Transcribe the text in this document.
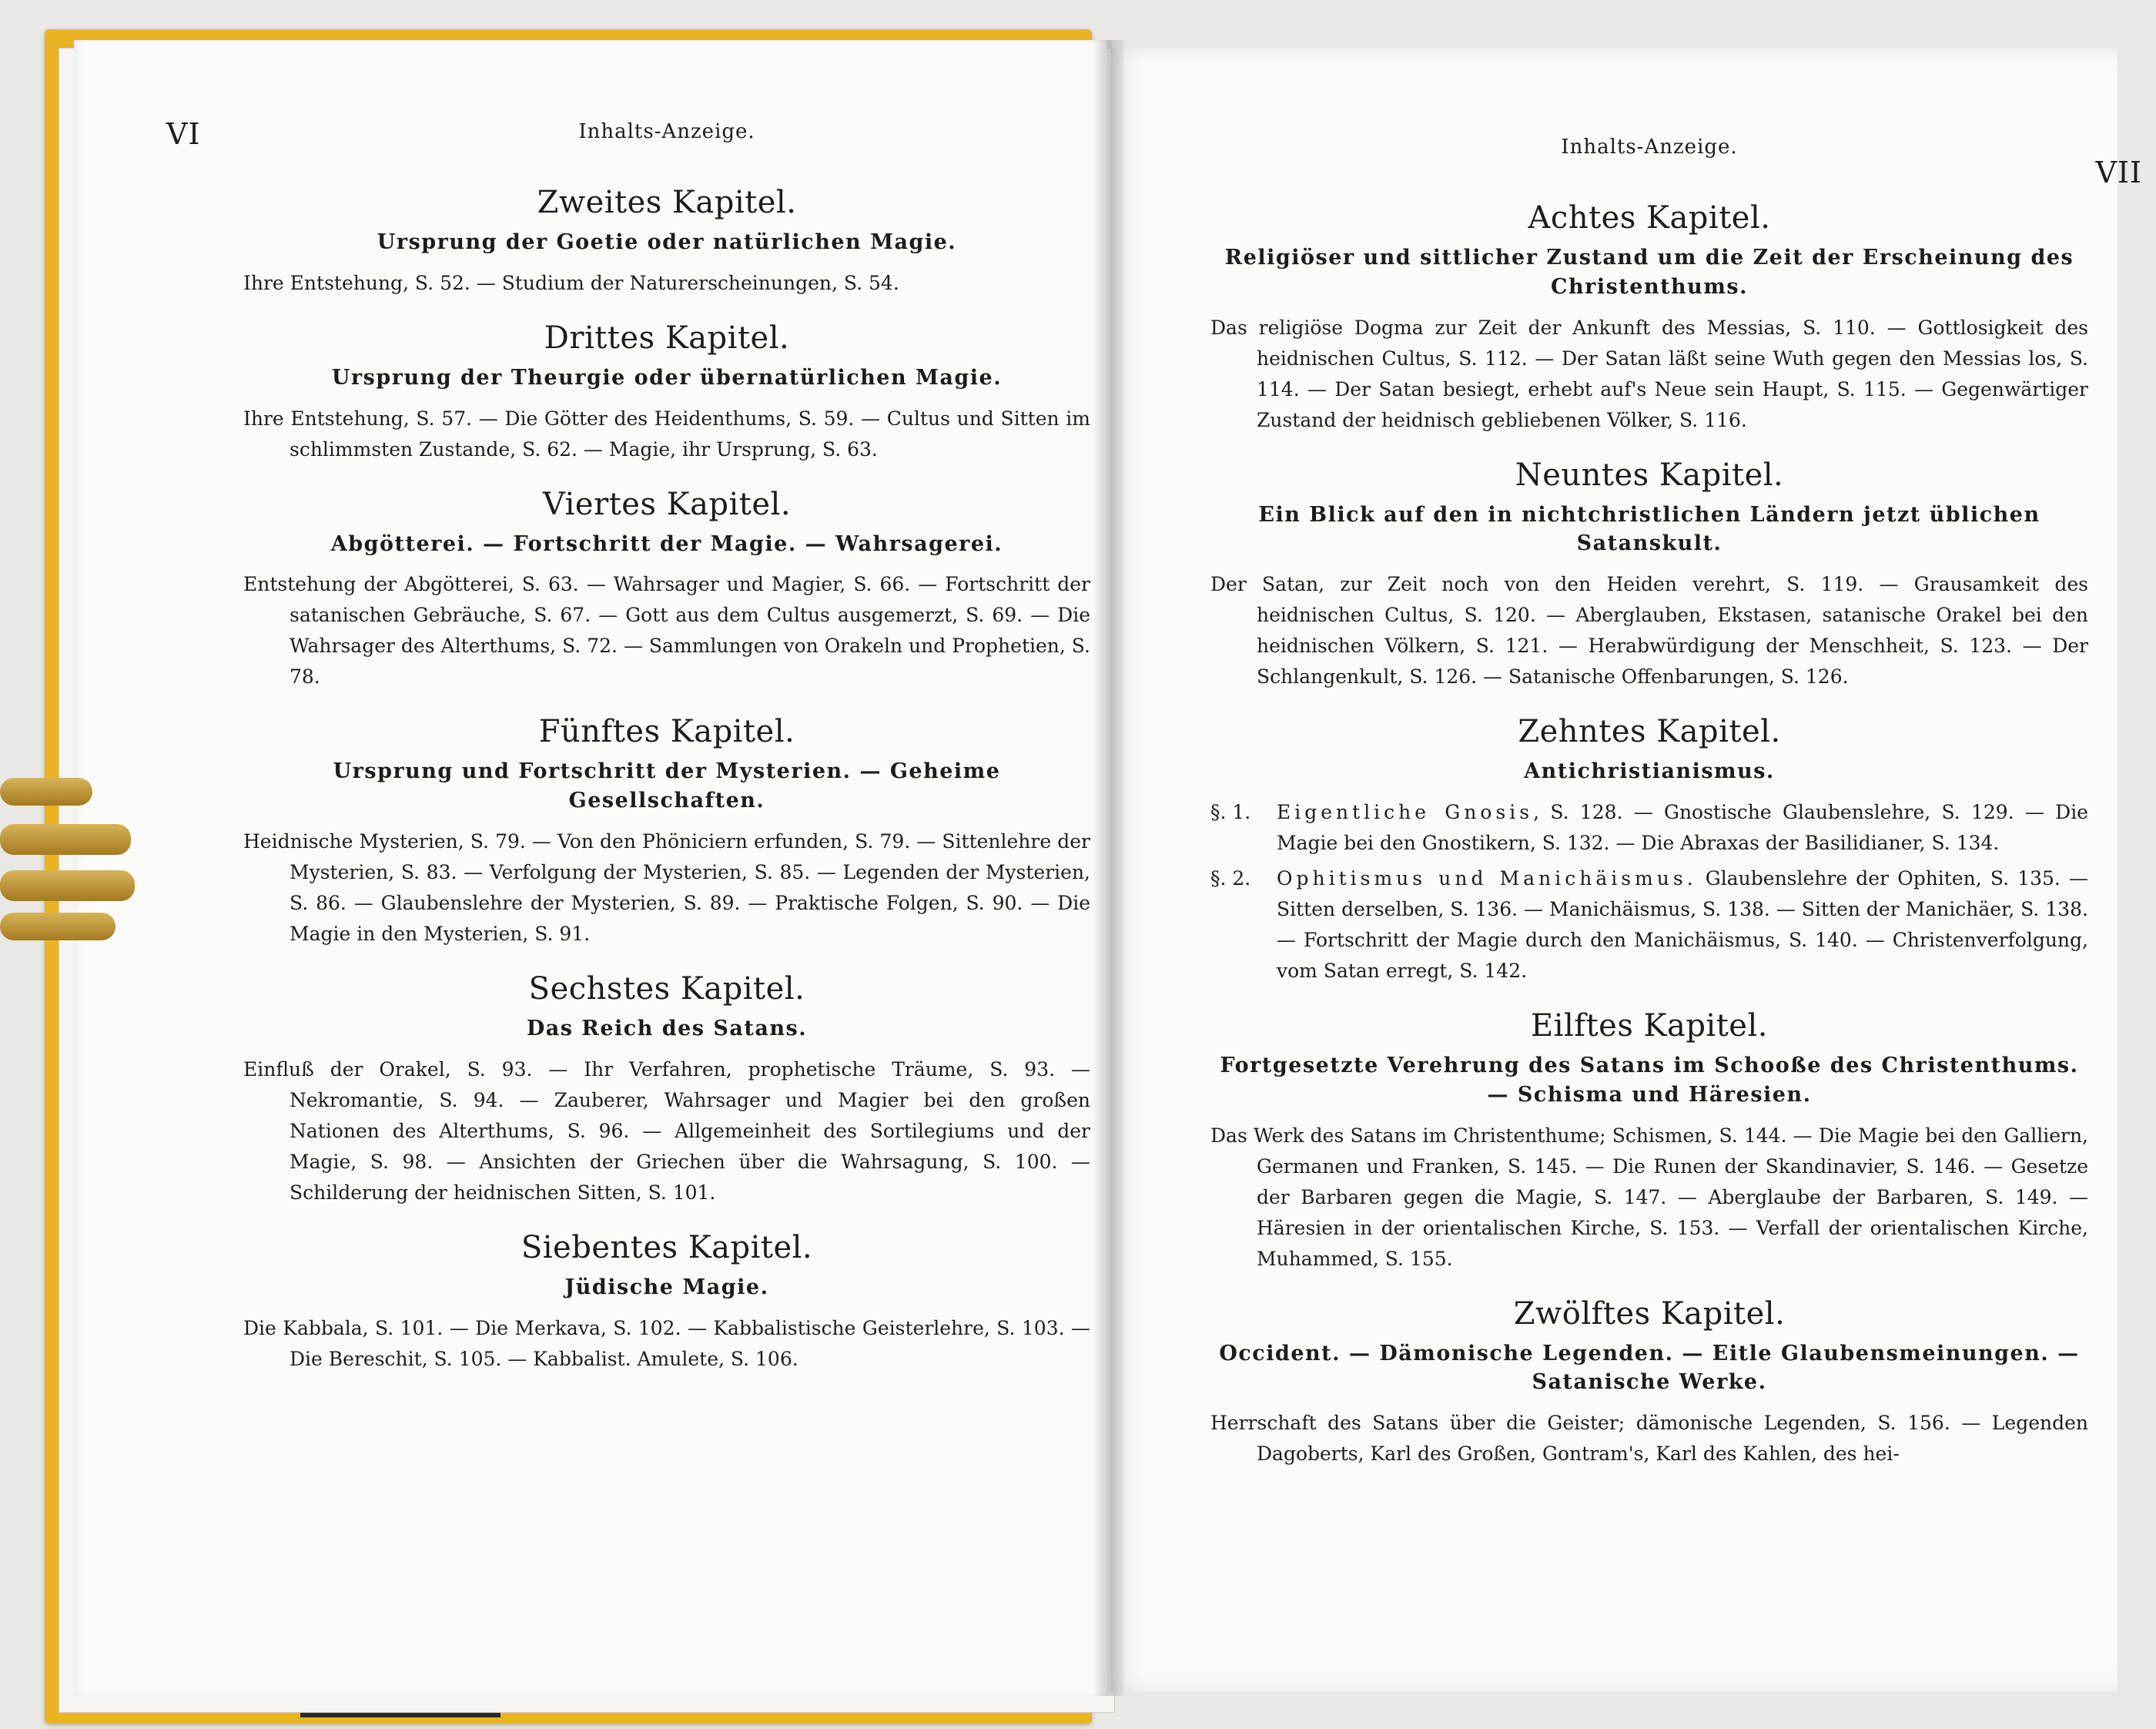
VI	Inhalts-Anzeige.
Zweites Kapitel.
Ursprung der Goetie oder natürlichen Magie.
Ihre Entstehung, S. 52. — Studium der Naturerscheinungen, S. 54.
Drittes Kapitel.
Ursprung der Theurgie oder übernatürlichen Magie.
Ihre Entstehung, S. 57. — Die Götter des Heidenthums, S. 59. — Cultus und Sitten im schlimmsten Zustande, S. 62. — Magie, ihr Ursprung, S. 63.
Viertes Kapitel.
Abgötterei. — Fortschritt der Magie. — Wahrsagerei.
Entstehung der Abgötterei, S. 63. — Wahrsager und Magier, S. 66. — Fortschritt der satanischen Gebräuche, S. 67. — Gott aus dem Cultus ausgemerzt, S. 69. — Die Wahrsager des Alterthums, S. 72. — Sammlungen von Orakeln und Prophetien, S. 78.
Fünftes Kapitel.
Ursprung und Fortschritt der Mysterien. — Geheime Gesellschaften.
Heidnische Mysterien, S. 79. — Von den Phöniciern erfunden, S. 79. — Sittenlehre der Mysterien, S. 83. — Verfolgung der Mysterien, S. 85. — Legenden der Mysterien, S. 86. — Glaubenslehre der Mysterien, S. 89. — Praktische Folgen, S. 90. — Die Magie in den Mysterien, S. 91.
Sechstes Kapitel.
Das Reich des Satans.
Einfluß der Orakel, S. 93. — Ihr Verfahren, prophetische Träume, S. 93. — Nekromantie, S. 94. — Zauberer, Wahrsager und Magier bei den großen Nationen des Alterthums, S. 96. — Allgemeinheit des Sortilegiums und der Magie, S. 98. — Ansichten der Griechen über die Wahrsagung, S. 100. — Schilderung der heidnischen Sitten, S. 101.
Siebentes Kapitel.
Jüdische Magie.
Die Kabbala, S. 101. — Die Merkava, S. 102. — Kabbalistische Geisterlehre, S. 103. — Die Bereschit, S. 105. — Kabbalist. Amulete, S. 106.
Inhalts-Anzeige.
VII
Achtes Kapitel.
Religiöser und sittlicher Zustand um die Zeit der Erscheinung des Christenthums.
Das religiöse Dogma zur Zeit der Ankunft des Messias, S. 110. — Gottlosigkeit des heidnischen Cultus, S. 112. — Der Satan läßt seine Wuth gegen den Messias los, S. 114. — Der Satan besiegt, erhebt auf's Neue sein Haupt, S. 115. — Gegenwärtiger Zustand der heidnisch gebliebenen Völker, S. 116.
Neuntes Kapitel.
Ein Blick auf den in nichtchristlichen Ländern jetzt üblichen Satanskult.
Der Satan, zur Zeit noch von den Heiden verehrt, S. 119. — Grausamkeit des heidnischen Cultus, S. 120. — Aberglauben, Ekstasen, satanische Orakel bei den heidnischen Völkern, S. 121. — Herabwürdigung der Menschheit, S. 123. — Der Schlangenkult, S. 126. — Satanische Offenbarungen, S. 126.
Zehntes Kapitel.
Antichristianismus.
§. 1.	Eigentliche Gnosis, S. 128. — Gnostische Glaubenslehre, S. 129. — Die Magie bei den Gnostikern, S. 132. — Die Abraxas der Basilidianer, S. 134.
§. 2.	Ophitismus und Manichäismus. Glaubenslehre der Ophiten, S. 135. — Sitten derselben, S. 136. — Manichäismus, S. 138. — Sitten der Manichäer, S. 138. — Fortschritt der Magie durch den Manichäismus, S. 140. — Christenverfolgung, vom Satan erregt, S. 142.
Eilftes Kapitel.
Fortgesetzte Verehrung des Satans im Schooße des Christenthums. — Schisma und Häresien.
Das Werk des Satans im Christenthume; Schismen, S. 144. — Die Magie bei den Galliern, Germanen und Franken, S. 145. — Die Runen der Skandinavier, S. 146. — Gesetze der Barbaren gegen die Magie, S. 147. — Aberglaube der Barbaren, S. 149. — Häresien in der orientalischen Kirche, S. 153. — Verfall der orientalischen Kirche, Muhammed, S. 155.
Zwölftes Kapitel.
Occident. — Dämonische Legenden. — Eitle Glaubensmeinungen. — Satanische Werke.
Herrschaft des Satans über die Geister; dämonische Legenden, S. 156. — Legenden Dagoberts, Karl des Großen, Gontram's, Karl des Kahlen, des hei-
